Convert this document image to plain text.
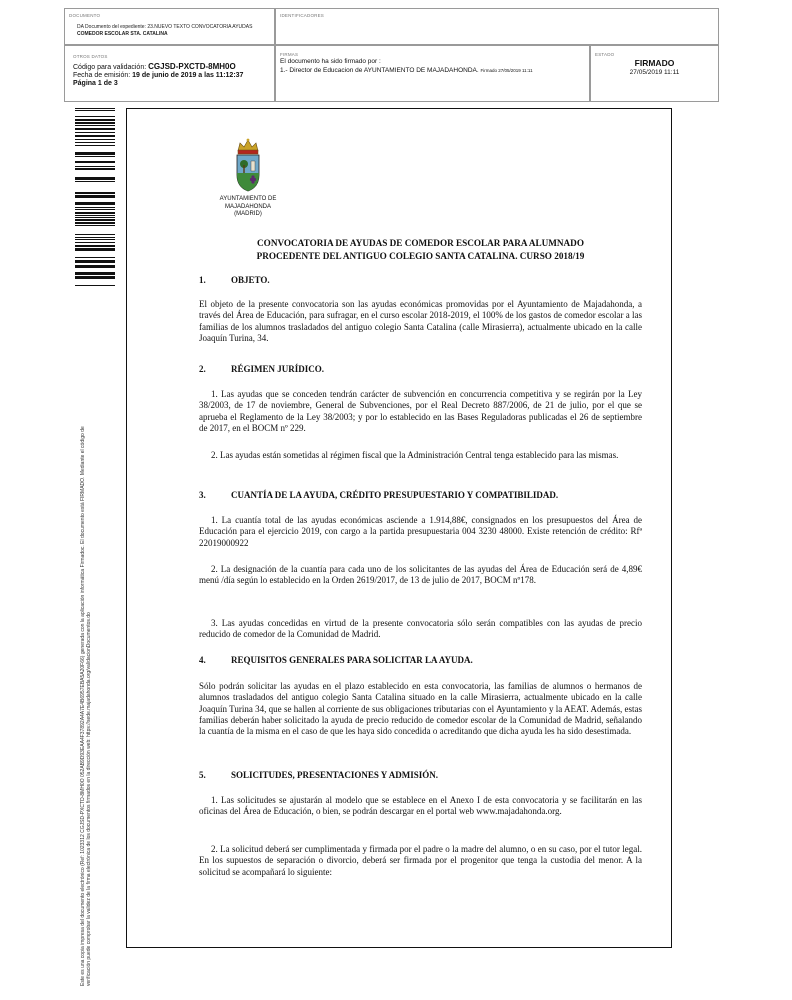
DOCUMENTO
DA Documento del expediente: 23.NUEVO TEXTO CONVOCATORIA AYUDAS
COMEDOR ESCOLAR STA. CATALINA
IDENTIFICADORES
OTROS DATOS
Código para validación: CGJSD-PXCTD-8MH0O
Fecha de emisión: 19 de junio de 2019 a las 11:12:37
Página 1 de 3
FIRMAS
El documento ha sido firmado por :
1.- Director de Educacion de AYUNTAMIENTO DE MAJADAHONDA. Firmado 27/05/2019 11:11
ESTADO
FIRMADO
27/05/2019 11:11
Este es una copia impresa del documento electrónico (Ref: 1023312 CGJSD-PXCTD-8MH0O 052AB9D93EAA4F37892A4A7E4B6957EBA5A20F66) generada con la aplicación informática Firmadoc. El documento está FIRMADO. Mediante el código de verificación puede comprobar la validez de la firma electrónica de los documentos firmados en la dirección web: https://sede.majadahonda.org/validacionDocumentos.do
AYUNTAMIENTO DE
MAJADAHONDA
(MADRID)
CONVOCATORIA DE AYUDAS DE COMEDOR ESCOLAR PARA ALUMNADO
PROCEDENTE DEL ANTIGUO COLEGIO SANTA CATALINA. CURSO 2018/19
1.	OBJETO.
El objeto de la presente convocatoria son las ayudas económicas promovidas por el Ayuntamiento de Majadahonda, a través del Área de Educación, para sufragar, en el curso escolar 2018-2019, el 100% de los gastos de comedor escolar a las familias de los alumnos trasladados del antiguo colegio Santa Catalina (calle Mirasierra), actualmente ubicado en la calle Joaquín Turina, 34.
2.	RÉGIMEN JURÍDICO.
1. Las ayudas que se conceden tendrán carácter de subvención en concurrencia competitiva y se regirán por la Ley 38/2003, de 17 de noviembre, General de Subvenciones, por el Real Decreto 887/2006, de 21 de julio, por el que se aprueba el Reglamento de la Ley 38/2003; y por lo establecido en las Bases Reguladoras publicadas el 26 de septiembre de 2017, en el BOCM nº 229.
2. Las ayudas están sometidas al régimen fiscal que la Administración Central tenga establecido para las mismas.
3.	CUANTÍA DE LA AYUDA, CRÉDITO PRESUPUESTARIO Y COMPATIBILIDAD.
1. La cuantía total de las ayudas económicas asciende a 1.914,88€, consignados en los presupuestos del Área de Educación para el ejercicio 2019, con cargo a la partida presupuestaria 004 3230 48000. Existe retención de crédito: Rfª 22019000922
2. La designación de la cuantía para cada uno de los solicitantes de las ayudas del Área de Educación será de 4,89€ menú /día según lo establecido en la Orden 2619/2017, de 13 de julio de 2017, BOCM nº178.
3. Las ayudas concedidas en virtud de la presente convocatoria sólo serán compatibles con las ayudas de precio reducido de comedor de la Comunidad de Madrid.
4.	REQUISITOS GENERALES PARA SOLICITAR LA AYUDA.
Sólo podrán solicitar las ayudas en el plazo establecido en esta convocatoria, las familias de alumnos o hermanos de alumnos trasladados del antiguo colegio Santa Catalina situado en la calle Mirasierra, actualmente ubicado en la calle Joaquín Turina 34, que se hallen al corriente de sus obligaciones tributarias con el Ayuntamiento y la AEAT. Además, estas familias deberán haber solicitado la ayuda de precio reducido de comedor escolar de la Comunidad de Madrid, señalando la cuantía de la misma en el caso de que les haya sido concedida o acreditando que dicha ayuda les ha sido desestimada.
5.	SOLICITUDES, PRESENTACIONES Y ADMISIÓN.
1. Las solicitudes se ajustarán al modelo que se establece en el Anexo I de esta convocatoria y se facilitarán en las oficinas del Área de Educación, o bien, se podrán descargar en el portal web www.majadahonda.org.
2. La solicitud deberá ser cumplimentada y firmada por el padre o la madre del alumno, o en su caso, por el tutor legal. En los supuestos de separación o divorcio, deberá ser firmada por el progenitor que tenga la custodia del menor. A la solicitud se acompañará lo siguiente:
